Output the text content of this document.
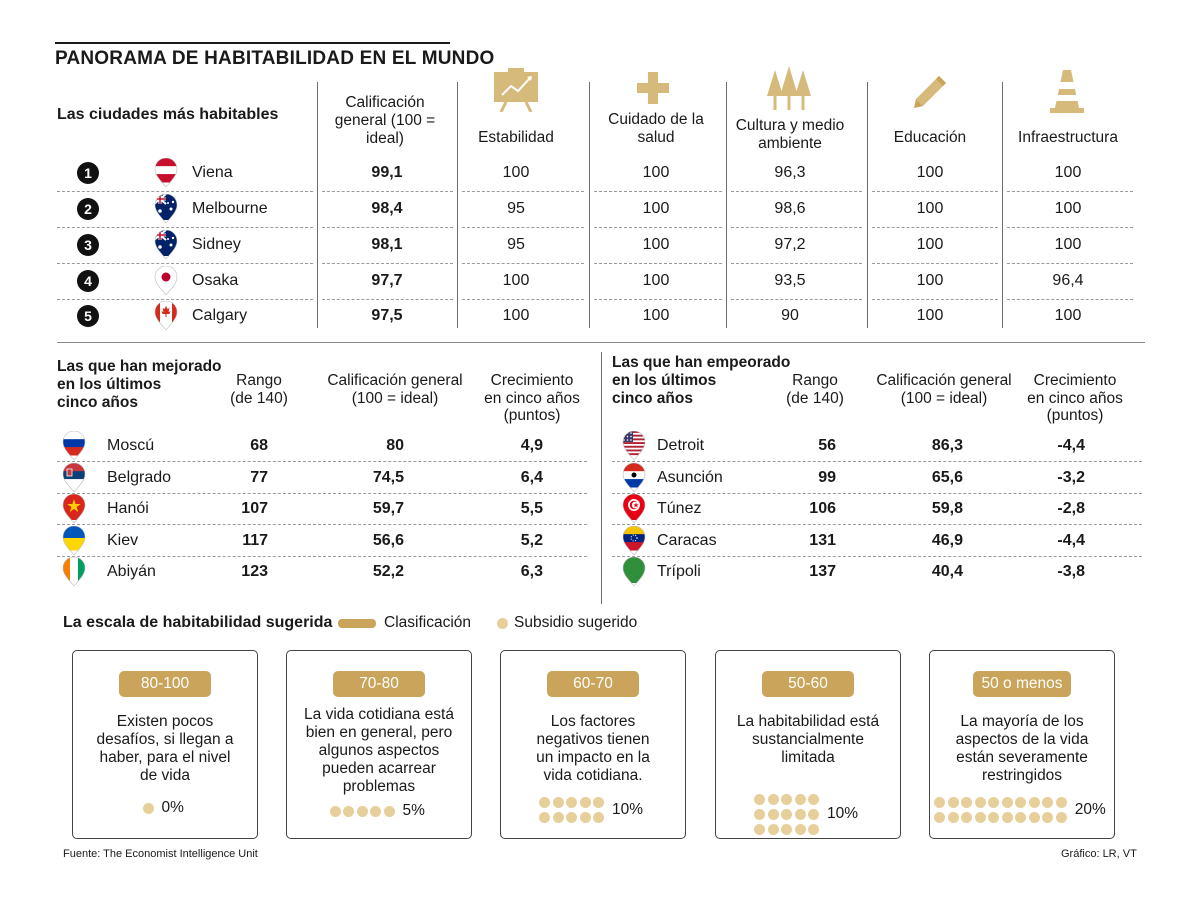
PANORAMA DE HABITABILIDAD EN EL MUNDO
Las ciudades más habitables
Calificación general (100 = ideal)	Estabilidad
Cuidado de la salud
Cultura y medio ambiente	Educación	Infraestructura
1	Viena	99,1	100	100	96,3	100	100
2	Melbourne	98,4	95	100	98,6	100	100
3	Sidney	98,1	95	100	97,2	100	100
4	Osaka	97,7	100	100	93,5	100	96,4
5	Calgary	97,5	100	100	90	100	100
Las que han mejorado
en los últimos
cinco años
Rango
(de 140)
Calificación general
(100 = ideal)
Crecimiento
en cinco años
(puntos)
Moscú	68	80	4,9
Belgrado	77	74,5	6,4
Hanói	107	59,7	5,5
Kiev	117	56,6	5,2
Abiyán	123	52,2	6,3
Las que han empeorado
en los últimos
cinco años
Rango
(de 140)
Calificación general
(100 = ideal)
Crecimiento
en cinco años
(puntos)
Detroit	56	86,3	-4,4
Asunción	99	65,6	-3,2
Túnez	106	59,8	-2,8
Caracas	131	46,9	-4,4
Trípoli	137	40,4	-3,8
La escala de habitabilidad sugerida	Clasificación	Subsidio sugerido
80-100
Existen pocos
desafíos, si llegan a
haber, para el nivel
de vida
0%
70-80
La vida cotidiana está
bien en general, pero
algunos aspectos
pueden acarrear
problemas
5%
60-70
Los factores
negativos tienen
un impacto en la
vida cotidiana.
10%
50-60
La habitabilidad está
sustancialmente
limitada
10%
50 o menos
La mayoría de los
aspectos de la vida
están severamente
restringidos
20%
Fuente: The Economist Intelligence Unit	Gráfico: LR, VT
